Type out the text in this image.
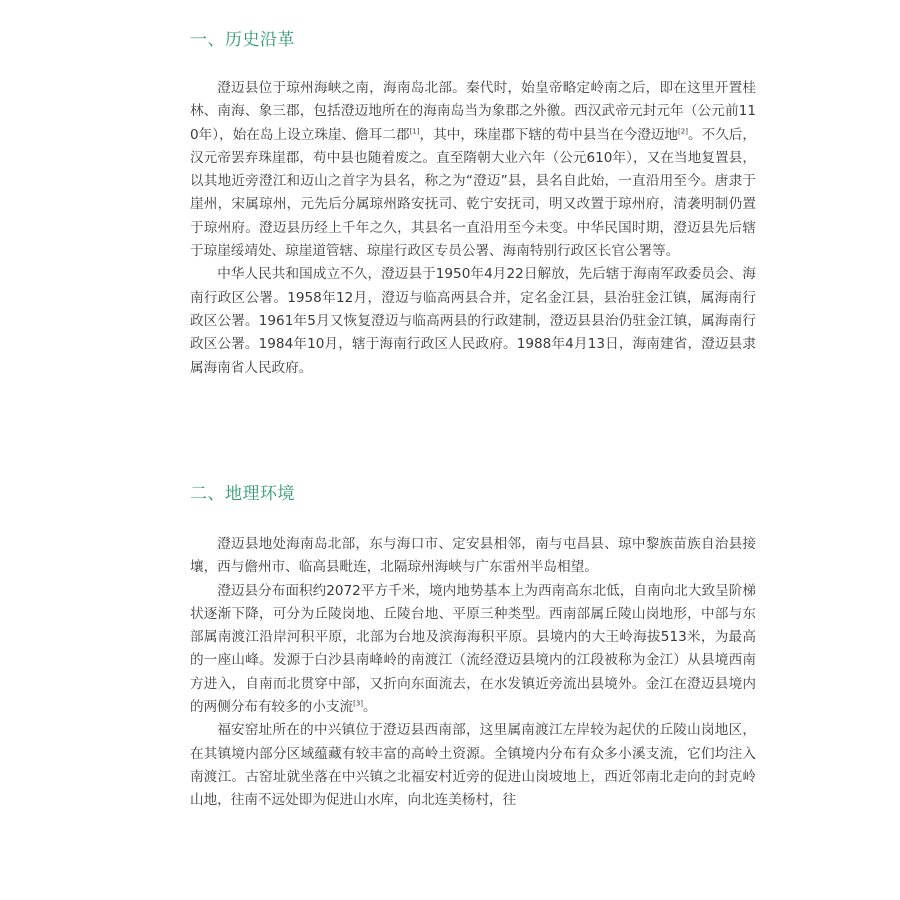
一、历史沿革

澄迈县位于琼州海峡之南，海南岛北部。秦代时，始皇帝略定岭南之后，即在这里开置桂林、南海、象三郡，包括澄迈地所在的海南岛当为象郡之外徼。西汉武帝元封元年（公元前110年），始在岛上设立珠崖、儋耳二郡[1]，其中，珠崖郡下辖的苟中县当在今澄迈地[2]。不久后，汉元帝罢弃珠崖郡，苟中县也随着废之。直至隋朝大业六年（公元610年），又在当地复置县，以其地近旁澄江和迈山之首字为县名，称之为“澄迈”县，县名自此始，一直沿用至今。唐隶于崖州，宋属琼州，元先后分属琼州路安抚司、乾宁安抚司，明又改置于琼州府，清袭明制仍置于琼州府。澄迈县历经上千年之久，其县名一直沿用至今未变。中华民国时期，澄迈县先后辖于琼崖绥靖处、琼崖道管辖、琼崖行政区专员公署、海南特别行政区长官公署等。

中华人民共和国成立不久，澄迈县于1950年4月22日解放，先后辖于海南军政委员会、海南行政区公署。1958年12月，澄迈与临高两县合并，定名金江县，县治驻金江镇，属海南行政区公署。1961年5月又恢复澄迈与临高两县的行政建制，澄迈县县治仍驻金江镇，属海南行政区公署。1984年10月，辖于海南行政区人民政府。1988年4月13日，海南建省，澄迈县隶属海南省人民政府。

二、地理环境

澄迈县地处海南岛北部，东与海口市、定安县相邻，南与屯昌县、琼中黎族苗族自治县接壤，西与儋州市、临高县毗连，北隔琼州海峡与广东雷州半岛相望。

澄迈县分布面积约2072平方千米，境内地势基本上为西南高东北低，自南向北大致呈阶梯状逐渐下降，可分为丘陵岗地、丘陵台地、平原三种类型。西南部属丘陵山岗地形，中部与东部属南渡江沿岸河积平原，北部为台地及滨海海积平原。县境内的大王岭海拔513米，为最高的一座山峰。发源于白沙县南峰岭的南渡江（流经澄迈县境内的江段被称为金江）从县境西南方进入，自南而北贯穿中部，又折向东面流去，在水发镇近旁流出县境外。金江在澄迈县境内的两侧分布有较多的小支流[3]。

福安窑址所在的中兴镇位于澄迈县西南部，这里属南渡江左岸较为起伏的丘陵山岗地区，在其镇境内部分区域蕴藏有较丰富的高岭土资源。全镇境内分布有众多小溪支流，它们均注入南渡江。古窑址就坐落在中兴镇之北福安村近旁的促进山岗坡地上，西近邻南北走向的封克岭山地，往南不远处即为促进山水库，向北连美杨村，往
